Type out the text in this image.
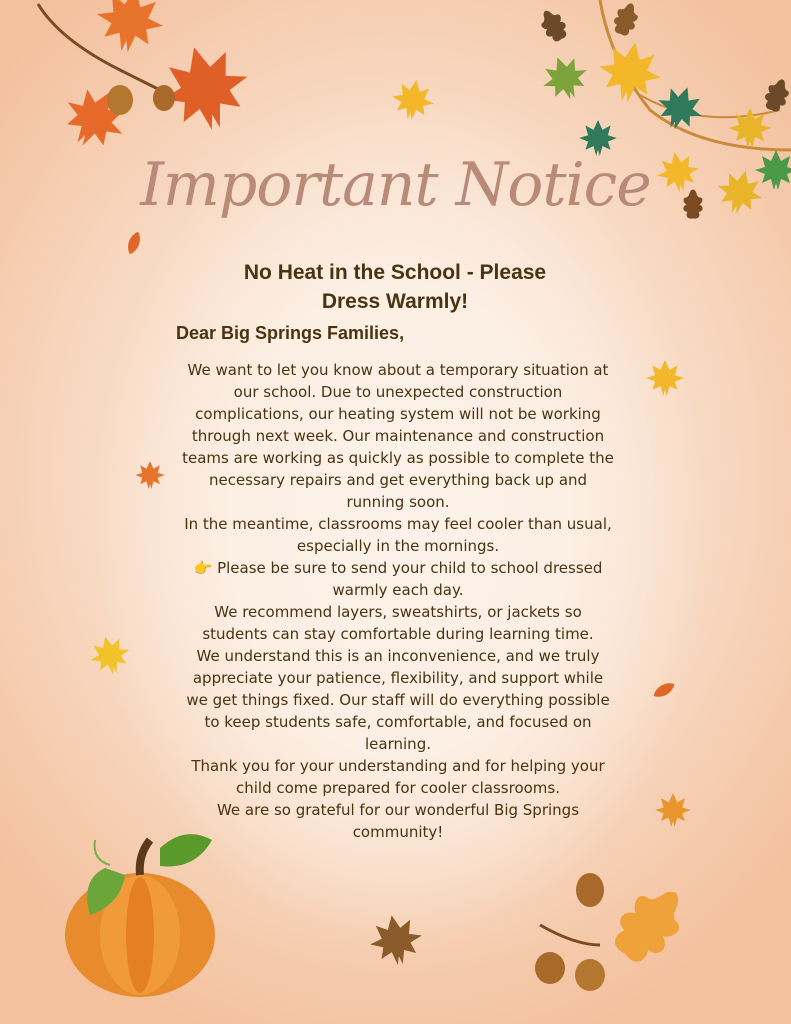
Important Notice
No Heat in the School - Please
Dress Warmly!
Dear Big Springs Families,

We want to let you know about a temporary situation at our school. Due to unexpected construction complications, our heating system will not be working through next week. Our maintenance and construction teams are working as quickly as possible to complete the necessary repairs and get everything back up and running soon.

In the meantime, classrooms may feel cooler than usual, especially in the mornings.

👉 Please be sure to send your child to school dressed warmly each day.

We recommend layers, sweatshirts, or jackets so students can stay comfortable during learning time.

We understand this is an inconvenience, and we truly appreciate your patience, flexibility, and support while we get things fixed. Our staff will do everything possible to keep students safe, comfortable, and focused on learning.

Thank you for your understanding and for helping your child come prepared for cooler classrooms.

We are so grateful for our wonderful Big Springs community!
